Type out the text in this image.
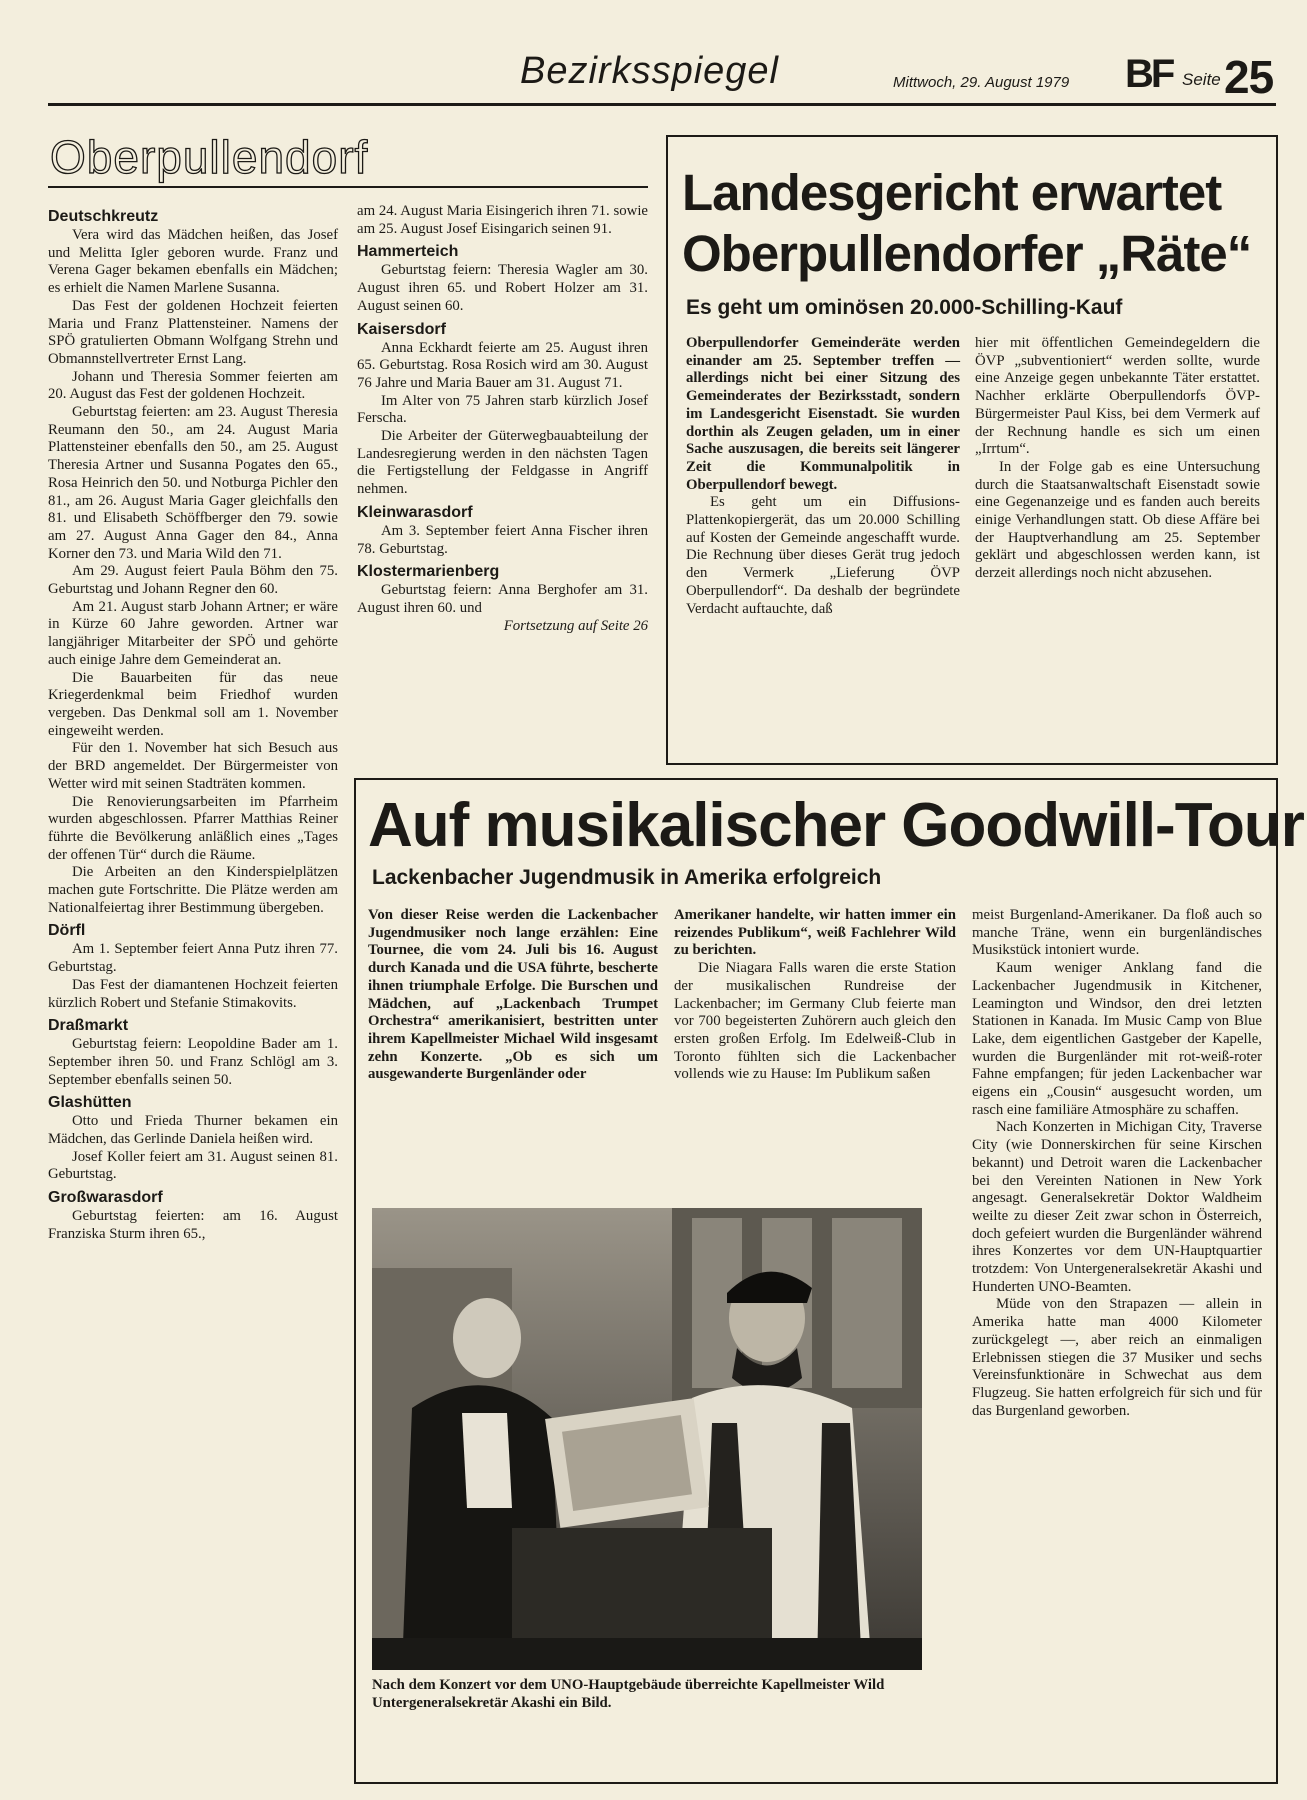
Bezirksspiegel	Mittwoch, 29. August 1979 BF Seite 25
Oberpullendorf
Deutschkreutz

Vera wird das Mädchen heißen, das Josef und Melitta Igler geboren wurde. Franz und Verena Gager bekamen ebenfalls ein Mädchen; es erhielt die Namen Marlene Susanna.

Das Fest der goldenen Hochzeit feierten Maria und Franz Plattensteiner. Namens der SPÖ gratulierten Obmann Wolfgang Strehn und Obmannstellvertreter Ernst Lang.

Johann und Theresia Sommer feierten am 20. August das Fest der goldenen Hochzeit.

Geburtstag feierten: am 23. August Theresia Reumann den 50., am 24. August Maria Plattensteiner ebenfalls den 50., am 25. August Theresia Artner und Susanna Pogates den 65., Rosa Heinrich den 50. und Notburga Pichler den 81., am 26. August Maria Gager gleichfalls den 81. und Elisabeth Schöffberger den 79. sowie am 27. August Anna Gager den 84., Anna Korner den 73. und Maria Wild den 71.

Am 29. August feiert Paula Böhm den 75. Geburtstag und Johann Regner den 60.

Am 21. August starb Johann Artner; er wäre in Kürze 60 Jahre geworden. Artner war langjähriger Mitarbeiter der SPÖ und gehörte auch einige Jahre dem Gemeinderat an.

Die Bauarbeiten für das neue Kriegerdenkmal beim Friedhof wurden vergeben. Das Denkmal soll am 1. November eingeweiht werden.

Für den 1. November hat sich Besuch aus der BRD angemeldet. Der Bürgermeister von Wetter wird mit seinen Stadträten kommen.

Die Renovierungsarbeiten im Pfarrheim wurden abgeschlossen. Pfarrer Matthias Reiner führte die Bevölkerung anläßlich eines „Tages der offenen Tür“ durch die Räume.

Die Arbeiten an den Kinderspielplätzen machen gute Fortschritte. Die Plätze werden am Nationalfeiertag ihrer Bestimmung übergeben.

Dörfl

Am 1. September feiert Anna Putz ihren 77. Geburtstag.

Das Fest der diamantenen Hochzeit feierten kürzlich Robert und Stefanie Stimakovits.

Draßmarkt

Geburtstag feiern: Leopoldine Bader am 1. September ihren 50. und Franz Schlögl am 3. September ebenfalls seinen 50.

Glashütten

Otto und Frieda Thurner bekamen ein Mädchen, das Gerlinde Daniela heißen wird.

Josef Koller feiert am 31. August seinen 81. Geburtstag.

Großwarasdorf

Geburtstag feierten: am 16. August Franziska Sturm ihren 65.,

am 24. August Maria Eisingerich ihren 71. sowie am 25. August Josef Eisingarich seinen 91.

Hammerteich

Geburtstag feiern: Theresia Wagler am 30. August ihren 65. und Robert Holzer am 31. August seinen 60.

Kaisersdorf

Anna Eckhardt feierte am 25. August ihren 65. Geburtstag. Rosa Rosich wird am 30. August 76 Jahre und Maria Bauer am 31. August 71.

Im Alter von 75 Jahren starb kürzlich Josef Ferscha.

Die Arbeiter der Güterwegbauabteilung der Landesregierung werden in den nächsten Tagen die Fertigstellung der Feldgasse in Angriff nehmen.

Kleinwarasdorf

Am 3. September feiert Anna Fischer ihren 78. Geburtstag.

Klostermarienberg

Geburtstag feiern: Anna Berghofer am 31. August ihren 60. und

Fortsetzung auf Seite 26
Landesgericht erwartet
Oberpullendorfer „Räte“
Es geht um ominösen 20.000-Schilling-Kauf

Oberpullendorfer Gemeinderäte werden einander am 25. September treffen — allerdings nicht bei einer Sitzung des Gemeinderates der Bezirksstadt, sondern im Landesgericht Eisenstadt. Sie wurden dorthin als Zeugen geladen, um in einer Sache auszusagen, die bereits seit längerer Zeit die Kommunalpolitik in Oberpullendorf bewegt.

Es geht um ein Diffusions-Plattenkopiergerät, das um 20.000 Schilling auf Kosten der Gemeinde angeschafft wurde. Die Rechnung über dieses Gerät trug jedoch den Vermerk „Lieferung ÖVP Oberpullendorf“. Da deshalb der begründete Verdacht auftauchte, daß

hier mit öffentlichen Gemeindegeldern die ÖVP „subventioniert“ werden sollte, wurde eine Anzeige gegen unbekannte Täter erstattet. Nachher erklärte Oberpullendorfs ÖVP-Bürgermeister Paul Kiss, bei dem Vermerk auf der Rechnung handle es sich um einen „Irrtum“.

In der Folge gab es eine Untersuchung durch die Staatsanwaltschaft Eisenstadt sowie eine Gegenanzeige und es fanden auch bereits einige Verhandlungen statt. Ob diese Affäre bei der Hauptverhandlung am 25. September geklärt und abgeschlossen werden kann, ist derzeit allerdings noch nicht abzusehen.

Auf musikalischer Goodwill-Tour
Lackenbacher Jugendmusik in Amerika erfolgreich

Von dieser Reise werden die Lackenbacher Jugendmusiker noch lange erzählen: Eine Tournee, die vom 24. Juli bis 16. August durch Kanada und die USA führte, bescherte ihnen triumphale Erfolge. Die Burschen und Mädchen, auf „Lackenbach Trumpet Orchestra“ amerikanisiert, bestritten unter ihrem Kapellmeister Michael Wild insgesamt zehn Konzerte. „Ob es sich um ausgewanderte Burgenländer oder

Amerikaner handelte, wir hatten immer ein reizendes Publikum“, weiß Fachlehrer Wild zu berichten.

Die Niagara Falls waren die erste Station der musikalischen Rundreise der Lackenbacher; im Germany Club feierte man vor 700 begeisterten Zuhörern auch gleich den ersten großen Erfolg. Im Edelweiß-Club in Toronto fühlten sich die Lackenbacher vollends wie zu Hause: Im Publikum saßen

meist Burgenland-Amerikaner. Da floß auch so manche Träne, wenn ein burgenländisches Musikstück intoniert wurde.

Kaum weniger Anklang fand die Lackenbacher Jugendmusik in Kitchener, Leamington und Windsor, den drei letzten Stationen in Kanada. Im Music Camp von Blue Lake, dem eigentlichen Gastgeber der Kapelle, wurden die Burgenländer mit rot-weiß-roter Fahne empfangen; für jeden Lackenbacher war eigens ein „Cousin“ ausgesucht worden, um rasch eine familiäre Atmosphäre zu schaffen.

Nach Konzerten in Michigan City, Traverse City (wie Donnerskirchen für seine Kirschen bekannt) und Detroit waren die Lackenbacher bei den Vereinten Nationen in New York angesagt. Generalsekretär Doktor Waldheim weilte zu dieser Zeit zwar schon in Österreich, doch gefeiert wurden die Burgenländer während ihres Konzertes vor dem UN-Hauptquartier trotzdem: Von Untergeneralsekretär Akashi und Hunderten UNO-Beamten.

Müde von den Strapazen — allein in Amerika hatte man 4000 Kilometer zurückgelegt —, aber reich an einmaligen Erlebnissen stiegen die 37 Musiker und sechs Vereinsfunktionäre in Schwechat aus dem Flugzeug. Sie hatten erfolgreich für sich und für das Burgenland geworben.

Nach dem Konzert vor dem UNO-Hauptgebäude überreichte Kapellmeister Wild Untergeneralsekretär Akashi ein Bild.
